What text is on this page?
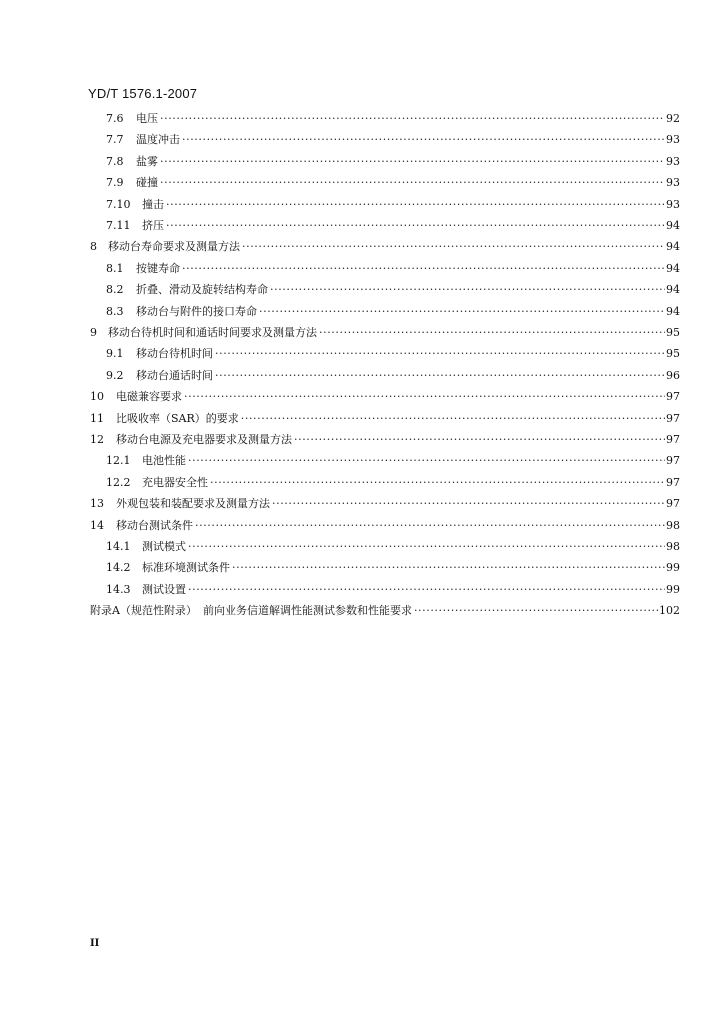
YD/T 1576.1-2007
7.6	电压 ·····	92
7.7	温度冲击 ·····	93
7.8	盐雾 ·····	93
7.9	碰撞 ·····	93
7.10	撞击 ·····	93
7.11	挤压 ·····	94
8	移动台寿命要求及测量方法 ·····	94
8.1	按键寿命 ·····	94
8.2	折叠、滑动及旋转结构寿命 ·····	94
8.3	移动台与附件的接口寿命 ·····	94
9	移动台待机时间和通话时间要求及测量方法 ·····	95
9.1	移动台待机时间 ·····	95
9.2	移动台通话时间 ·····	96
10	电磁兼容要求 ·····	97
11	比吸收率（SAR）的要求 ·····	97
12	移动台电源及充电器要求及测量方法 ·····	97
12.1	电池性能 ·····	97
12.2	充电器安全性 ·····	97
13	外观包装和装配要求及测量方法 ·····	97
14	移动台测试条件 ·····	98
14.1	测试模式 ·····	98
14.2	标准环境测试条件 ·····	99
14.3	测试设置 ·····	99
附录A（规范性附录） 前向业务信道解调性能测试参数和性能要求 ·····	102
II
